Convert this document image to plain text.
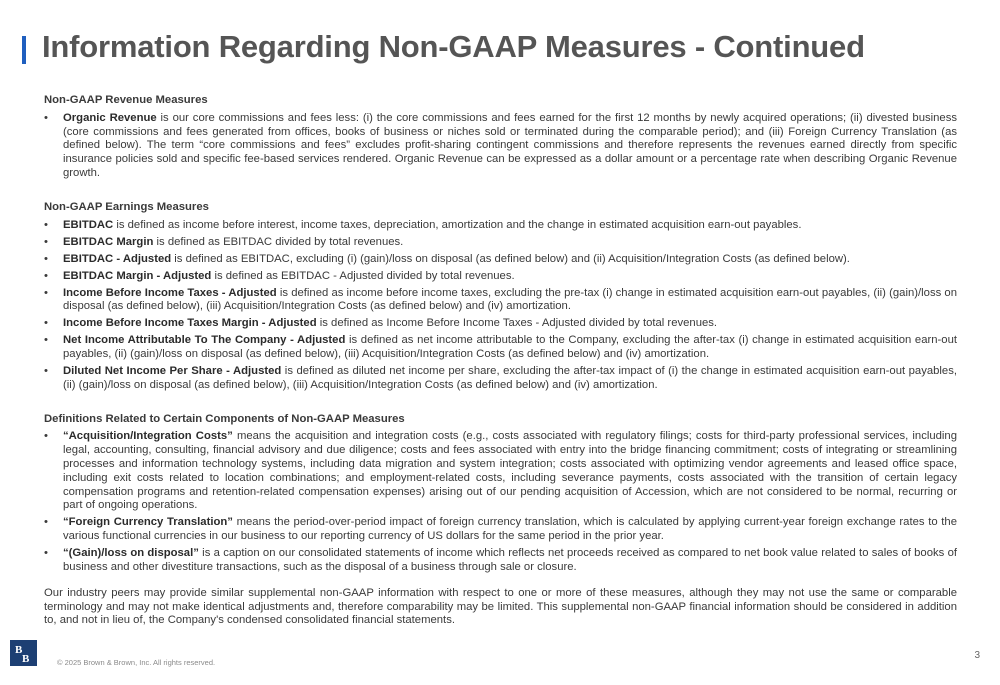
Information Regarding Non-GAAP Measures - Continued
Non-GAAP Revenue Measures
• Organic Revenue is our core commissions and fees less: (i) the core commissions and fees earned for the first 12 months by newly acquired operations; (ii) divested business (core commissions and fees generated from offices, books of business or niches sold or terminated during the comparable period); and (iii) Foreign Currency Translation (as defined below). The term “core commissions and fees” excludes profit-sharing contingent commissions and therefore represents the revenues earned directly from specific insurance policies sold and specific fee-based services rendered. Organic Revenue can be expressed as a dollar amount or a percentage rate when describing Organic Revenue growth.
Non-GAAP Earnings Measures
• EBITDAC is defined as income before interest, income taxes, depreciation, amortization and the change in estimated acquisition earn-out payables.
• EBITDAC Margin is defined as EBITDAC divided by total revenues.
• EBITDAC - Adjusted is defined as EBITDAC, excluding (i) (gain)/loss on disposal (as defined below) and (ii) Acquisition/Integration Costs (as defined below).
• EBITDAC Margin - Adjusted is defined as EBITDAC - Adjusted divided by total revenues.
• Income Before Income Taxes - Adjusted is defined as income before income taxes, excluding the pre-tax (i) change in estimated acquisition earn-out payables, (ii) (gain)/loss on disposal (as defined below), (iii) Acquisition/Integration Costs (as defined below) and (iv) amortization.
• Income Before Income Taxes Margin - Adjusted is defined as Income Before Income Taxes - Adjusted divided by total revenues.
• Net Income Attributable To The Company - Adjusted is defined as net income attributable to the Company, excluding the after-tax (i) change in estimated acquisition earn-out payables, (ii) (gain)/loss on disposal (as defined below), (iii) Acquisition/Integration Costs (as defined below) and (iv) amortization.
• Diluted Net Income Per Share - Adjusted is defined as diluted net income per share, excluding the after-tax impact of (i) the change in estimated acquisition earn-out payables, (ii) (gain)/loss on disposal (as defined below), (iii) Acquisition/Integration Costs (as defined below) and (iv) amortization.
Definitions Related to Certain Components of Non-GAAP Measures
• “Acquisition/Integration Costs” means the acquisition and integration costs (e.g., costs associated with regulatory filings; costs for third-party professional services, including legal, accounting, consulting, financial advisory and due diligence; costs and fees associated with entry into the bridge financing commitment; costs of integrating or streamlining processes and information technology systems, including data migration and system integration; costs associated with optimizing vendor agreements and leased office space, including exit costs related to location combinations; and employment-related costs, including severance payments, costs associated with the transition of certain legacy compensation programs and retention-related compensation expenses) arising out of our pending acquisition of Accession, which are not considered to be normal, recurring or part of ongoing operations.
• “Foreign Currency Translation” means the period-over-period impact of foreign currency translation, which is calculated by applying current-year foreign exchange rates to the various functional currencies in our business to our reporting currency of US dollars for the same period in the prior year.
• “(Gain)/loss on disposal” is a caption on our consolidated statements of income which reflects net proceeds received as compared to net book value related to sales of books of business and other divestiture transactions, such as the disposal of a business through sale or closure.

Our industry peers may provide similar supplemental non-GAAP information with respect to one or more of these measures, although they may not use the same or comparable terminology and may not make identical adjustments and, therefore comparability may be limited. This supplemental non-GAAP financial information should be considered in addition to, and not in lieu of, the Company's condensed consolidated financial statements.

B
B	© 2025 Brown & Brown, Inc. All rights reserved.
3
